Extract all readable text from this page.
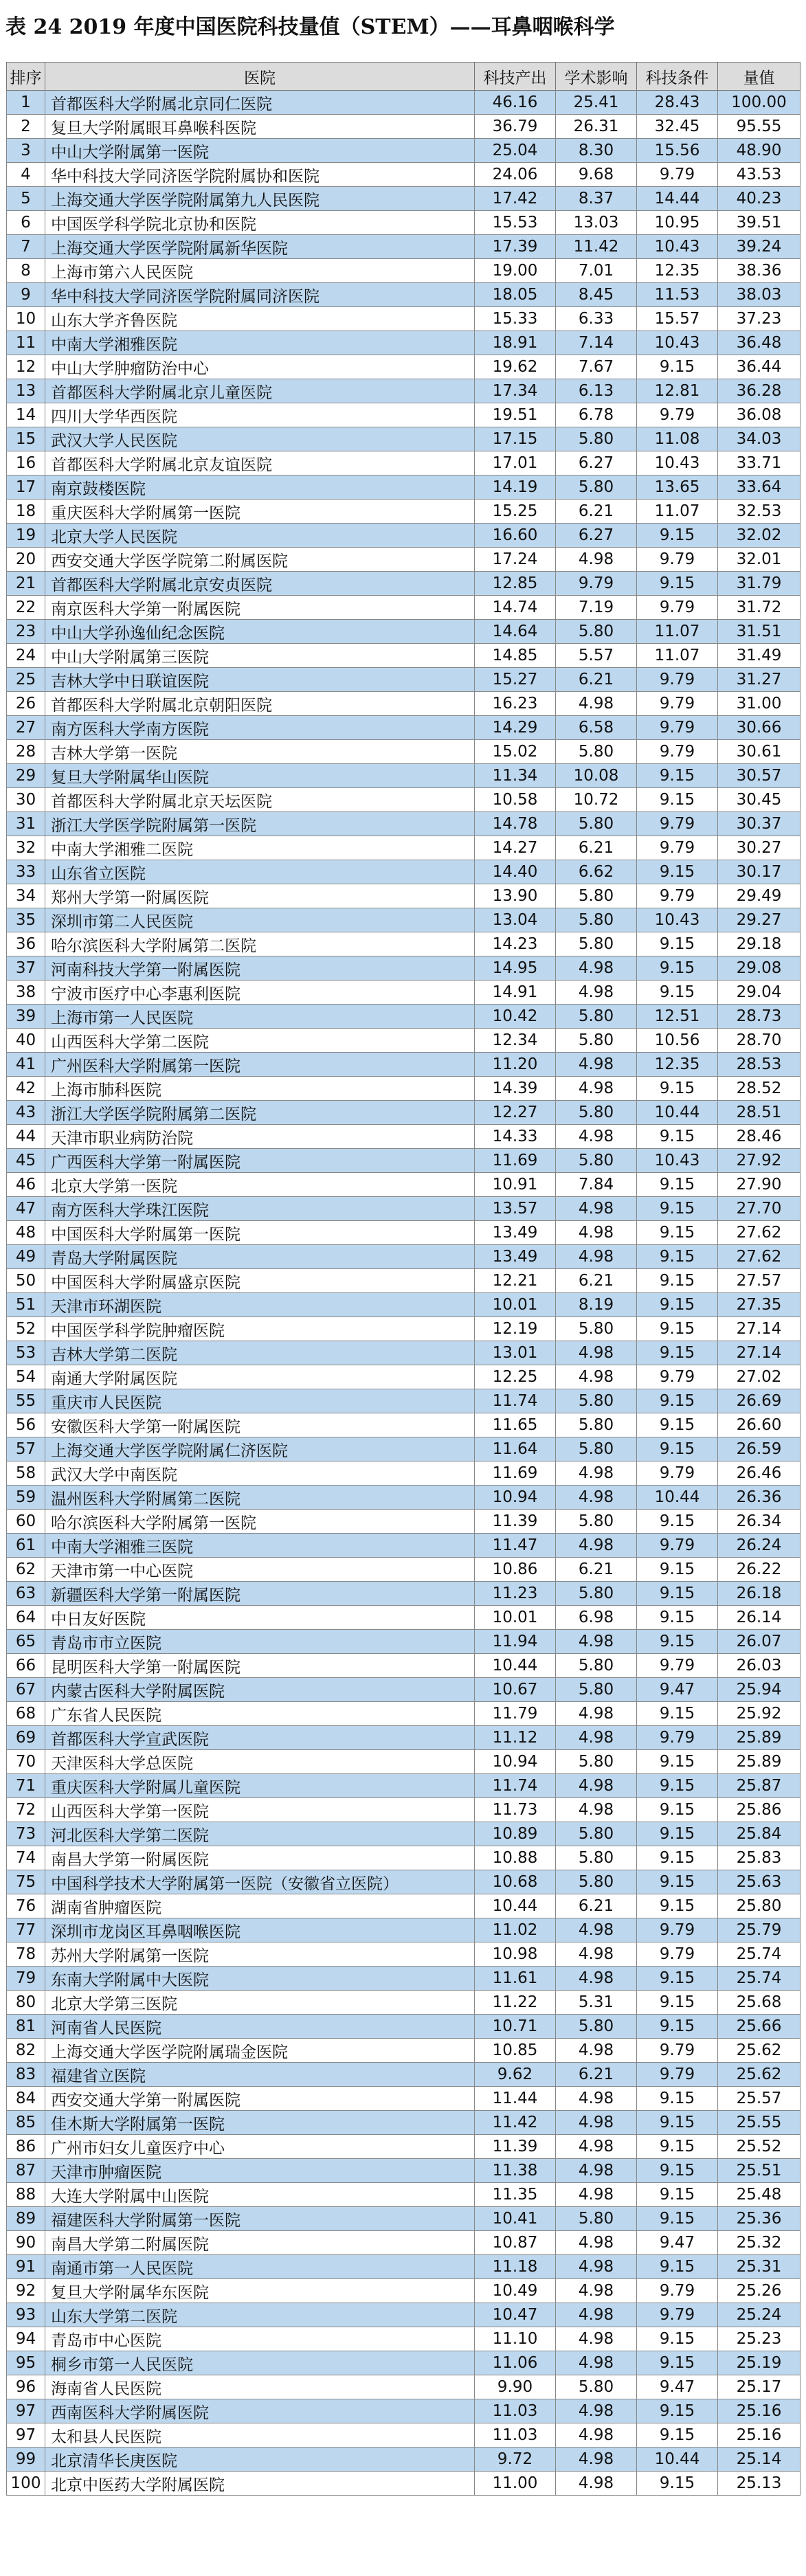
表 24 2019 年度中国医院科技量值（STEM）——耳鼻咽喉科学
排序	医院	科技产出	学术影响	科技条件	量值
1	首都医科大学附属北京同仁医院	46.16	25.41	28.43	100.00
2	复旦大学附属眼耳鼻喉科医院	36.79	26.31	32.45	95.55
3	中山大学附属第一医院	25.04	8.30	15.56	48.90
4	华中科技大学同济医学院附属协和医院	24.06	9.68	9.79	43.53
5	上海交通大学医学院附属第九人民医院	17.42	8.37	14.44	40.23
6	中国医学科学院北京协和医院	15.53	13.03	10.95	39.51
7	上海交通大学医学院附属新华医院	17.39	11.42	10.43	39.24
8	上海市第六人民医院	19.00	7.01	12.35	38.36
9	华中科技大学同济医学院附属同济医院	18.05	8.45	11.53	38.03
10	山东大学齐鲁医院	15.33	6.33	15.57	37.23
11	中南大学湘雅医院	18.91	7.14	10.43	36.48
12	中山大学肿瘤防治中心	19.62	7.67	9.15	36.44
13	首都医科大学附属北京儿童医院	17.34	6.13	12.81	36.28
14	四川大学华西医院	19.51	6.78	9.79	36.08
15	武汉大学人民医院	17.15	5.80	11.08	34.03
16	首都医科大学附属北京友谊医院	17.01	6.27	10.43	33.71
17	南京鼓楼医院	14.19	5.80	13.65	33.64
18	重庆医科大学附属第一医院	15.25	6.21	11.07	32.53
19	北京大学人民医院	16.60	6.27	9.15	32.02
20	西安交通大学医学院第二附属医院	17.24	4.98	9.79	32.01
21	首都医科大学附属北京安贞医院	12.85	9.79	9.15	31.79
22	南京医科大学第一附属医院	14.74	7.19	9.79	31.72
23	中山大学孙逸仙纪念医院	14.64	5.80	11.07	31.51
24	中山大学附属第三医院	14.85	5.57	11.07	31.49
25	吉林大学中日联谊医院	15.27	6.21	9.79	31.27
26	首都医科大学附属北京朝阳医院	16.23	4.98	9.79	31.00
27	南方医科大学南方医院	14.29	6.58	9.79	30.66
28	吉林大学第一医院	15.02	5.80	9.79	30.61
29	复旦大学附属华山医院	11.34	10.08	9.15	30.57
30	首都医科大学附属北京天坛医院	10.58	10.72	9.15	30.45
31	浙江大学医学院附属第一医院	14.78	5.80	9.79	30.37
32	中南大学湘雅二医院	14.27	6.21	9.79	30.27
33	山东省立医院	14.40	6.62	9.15	30.17
34	郑州大学第一附属医院	13.90	5.80	9.79	29.49
35	深圳市第二人民医院	13.04	5.80	10.43	29.27
36	哈尔滨医科大学附属第二医院	14.23	5.80	9.15	29.18
37	河南科技大学第一附属医院	14.95	4.98	9.15	29.08
38	宁波市医疗中心李惠利医院	14.91	4.98	9.15	29.04
39	上海市第一人民医院	10.42	5.80	12.51	28.73
40	山西医科大学第二医院	12.34	5.80	10.56	28.70
41	广州医科大学附属第一医院	11.20	4.98	12.35	28.53
42	上海市肺科医院	14.39	4.98	9.15	28.52
43	浙江大学医学院附属第二医院	12.27	5.80	10.44	28.51
44	天津市职业病防治院	14.33	4.98	9.15	28.46
45	广西医科大学第一附属医院	11.69	5.80	10.43	27.92
46	北京大学第一医院	10.91	7.84	9.15	27.90
47	南方医科大学珠江医院	13.57	4.98	9.15	27.70
48	中国医科大学附属第一医院	13.49	4.98	9.15	27.62
49	青岛大学附属医院	13.49	4.98	9.15	27.62
50	中国医科大学附属盛京医院	12.21	6.21	9.15	27.57
51	天津市环湖医院	10.01	8.19	9.15	27.35
52	中国医学科学院肿瘤医院	12.19	5.80	9.15	27.14
53	吉林大学第二医院	13.01	4.98	9.15	27.14
54	南通大学附属医院	12.25	4.98	9.79	27.02
55	重庆市人民医院	11.74	5.80	9.15	26.69
56	安徽医科大学第一附属医院	11.65	5.80	9.15	26.60
57	上海交通大学医学院附属仁济医院	11.64	5.80	9.15	26.59
58	武汉大学中南医院	11.69	4.98	9.79	26.46
59	温州医科大学附属第二医院	10.94	4.98	10.44	26.36
60	哈尔滨医科大学附属第一医院	11.39	5.80	9.15	26.34
61	中南大学湘雅三医院	11.47	4.98	9.79	26.24
62	天津市第一中心医院	10.86	6.21	9.15	26.22
63	新疆医科大学第一附属医院	11.23	5.80	9.15	26.18
64	中日友好医院	10.01	6.98	9.15	26.14
65	青岛市市立医院	11.94	4.98	9.15	26.07
66	昆明医科大学第一附属医院	10.44	5.80	9.79	26.03
67	内蒙古医科大学附属医院	10.67	5.80	9.47	25.94
68	广东省人民医院	11.79	4.98	9.15	25.92
69	首都医科大学宣武医院	11.12	4.98	9.79	25.89
70	天津医科大学总医院	10.94	5.80	9.15	25.89
71	重庆医科大学附属儿童医院	11.74	4.98	9.15	25.87
72	山西医科大学第一医院	11.73	4.98	9.15	25.86
73	河北医科大学第二医院	10.89	5.80	9.15	25.84
74	南昌大学第一附属医院	10.88	5.80	9.15	25.83
75	中国科学技术大学附属第一医院（安徽省立医院）	10.68	5.80	9.15	25.63
76	湖南省肿瘤医院	10.44	6.21	9.15	25.80
77	深圳市龙岗区耳鼻咽喉医院	11.02	4.98	9.79	25.79
78	苏州大学附属第一医院	10.98	4.98	9.79	25.74
79	东南大学附属中大医院	11.61	4.98	9.15	25.74
80	北京大学第三医院	11.22	5.31	9.15	25.68
81	河南省人民医院	10.71	5.80	9.15	25.66
82	上海交通大学医学院附属瑞金医院	10.85	4.98	9.79	25.62
83	福建省立医院	9.62	6.21	9.79	25.62
84	西安交通大学第一附属医院	11.44	4.98	9.15	25.57
85	佳木斯大学附属第一医院	11.42	4.98	9.15	25.55
86	广州市妇女儿童医疗中心	11.39	4.98	9.15	25.52
87	天津市肿瘤医院	11.38	4.98	9.15	25.51
88	大连大学附属中山医院	11.35	4.98	9.15	25.48
89	福建医科大学附属第一医院	10.41	5.80	9.15	25.36
90	南昌大学第二附属医院	10.87	4.98	9.47	25.32
91	南通市第一人民医院	11.18	4.98	9.15	25.31
92	复旦大学附属华东医院	10.49	4.98	9.79	25.26
93	山东大学第二医院	10.47	4.98	9.79	25.24
94	青岛市中心医院	11.10	4.98	9.15	25.23
95	桐乡市第一人民医院	11.06	4.98	9.15	25.19
96	海南省人民医院	9.90	5.80	9.47	25.17
97	西南医科大学附属医院	11.03	4.98	9.15	25.16
97	太和县人民医院	11.03	4.98	9.15	25.16
99	北京清华长庚医院	9.72	4.98	10.44	25.14
100	北京中医药大学附属医院	11.00	4.98	9.15	25.13
